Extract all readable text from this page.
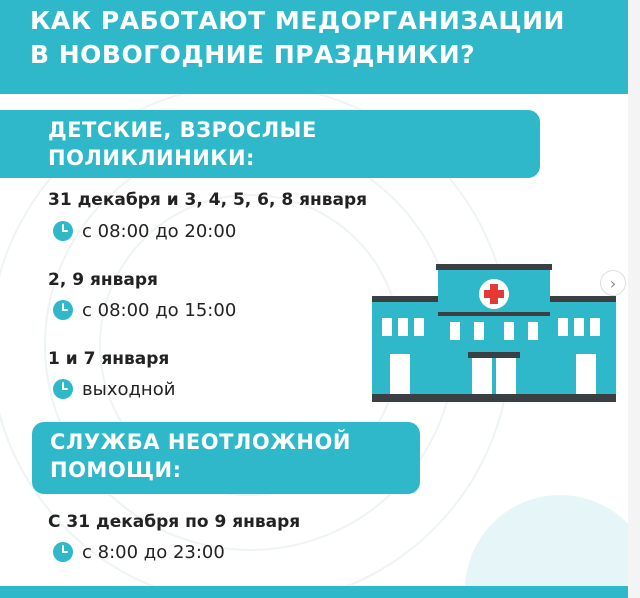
КАК РАБОТАЮТ МЕДОРГАНИЗАЦИИ
В НОВОГОДНИЕ ПРАЗДНИКИ?
ДЕТСКИЕ, ВЗРОСЛЫЕ
ПОЛИКЛИНИКИ:
31 декабря и 3, 4, 5, 6, 8 января
с 08:00 до 20:00
2, 9 января
с 08:00 до 15:00
1 и 7 января
выходной
СЛУЖБА НЕОТЛОЖНОЙ
ПОМОЩИ:
С 31 декабря по 9 января
с 8:00 до 23:00
›
